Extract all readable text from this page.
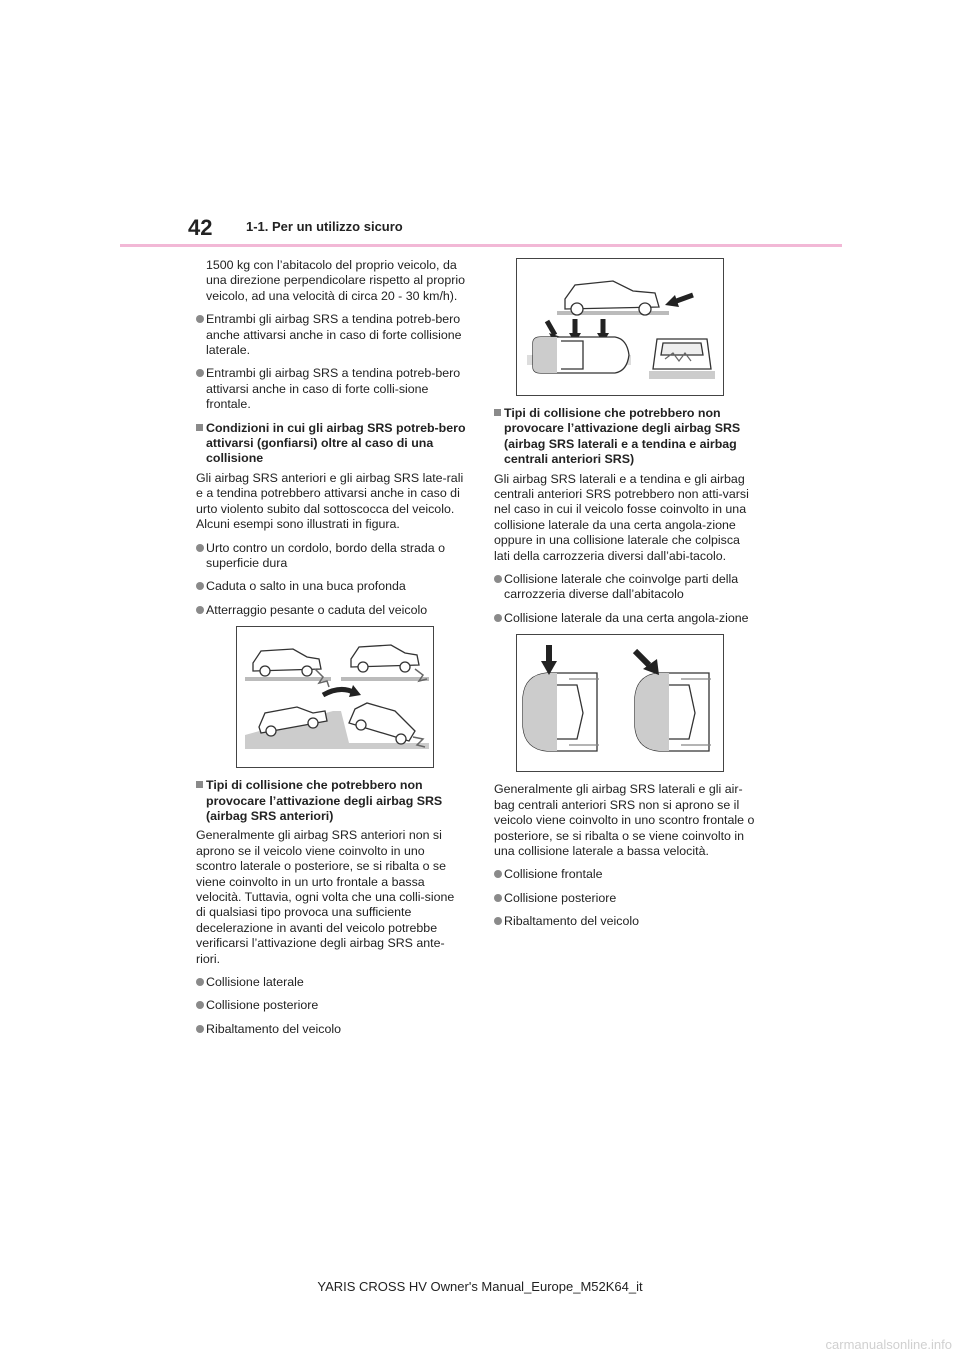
42	1-1. Per un utilizzo sicuro

1500 kg con l’abitacolo del proprio veicolo, da una direzione perpendicolare rispetto al proprio veicolo, ad una velocità di circa 20 - 30 km/h).

Entrambi gli airbag SRS a tendina potreb-bero anche attivarsi anche in caso di forte collisione laterale.

Entrambi gli airbag SRS a tendina potreb-bero attivarsi anche in caso di forte colli-sione frontale.

Condizioni in cui gli airbag SRS potreb-bero attivarsi (gonfiarsi) oltre al caso di una collisione

Gli airbag SRS anteriori e gli airbag SRS late-rali e a tendina potrebbero attivarsi anche in caso di urto violento subito dal sottoscocca del veicolo. Alcuni esempi sono illustrati in figura.

Urto contro un cordolo, bordo della strada o superficie dura

Caduta o salto in una buca profonda

Atterraggio pesante o caduta del veicolo

Tipi di collisione che potrebbero non provocare l’attivazione degli airbag SRS (airbag SRS anteriori)

Generalmente gli airbag SRS anteriori non si aprono se il veicolo viene coinvolto in uno scontro laterale o posteriore, se si ribalta o se viene coinvolto in un urto frontale a bassa velocità. Tuttavia, ogni volta che una colli-sione di qualsiasi tipo provoca una sufficiente decelerazione in avanti del veicolo potrebbe verificarsi l’attivazione degli airbag SRS ante-riori.

Collisione laterale

Collisione posteriore

Ribaltamento del veicolo

Tipi di collisione che potrebbero non provocare l’attivazione degli airbag SRS (airbag SRS laterali e a tendina e airbag centrali anteriori SRS)

Gli airbag SRS laterali e a tendina e gli airbag centrali anteriori SRS potrebbero non atti-varsi nel caso in cui il veicolo fosse coinvolto in una collisione laterale da una certa angola-zione oppure in una collisione laterale che colpisca lati della carrozzeria diversi dall’abi-tacolo.

Collisione laterale che coinvolge parti della carrozzeria diverse dall’abitacolo

Collisione laterale da una certa angola-zione

Generalmente gli airbag SRS laterali e gli air-bag centrali anteriori SRS non si aprono se il veicolo viene coinvolto in uno scontro frontale o posteriore, se si ribalta o se viene coinvolto in una collisione laterale a bassa velocità.

Collisione frontale

Collisione posteriore

Ribaltamento del veicolo

YARIS CROSS HV Owner's Manual_Europe_M52K64_it
carmanualsonline.info
